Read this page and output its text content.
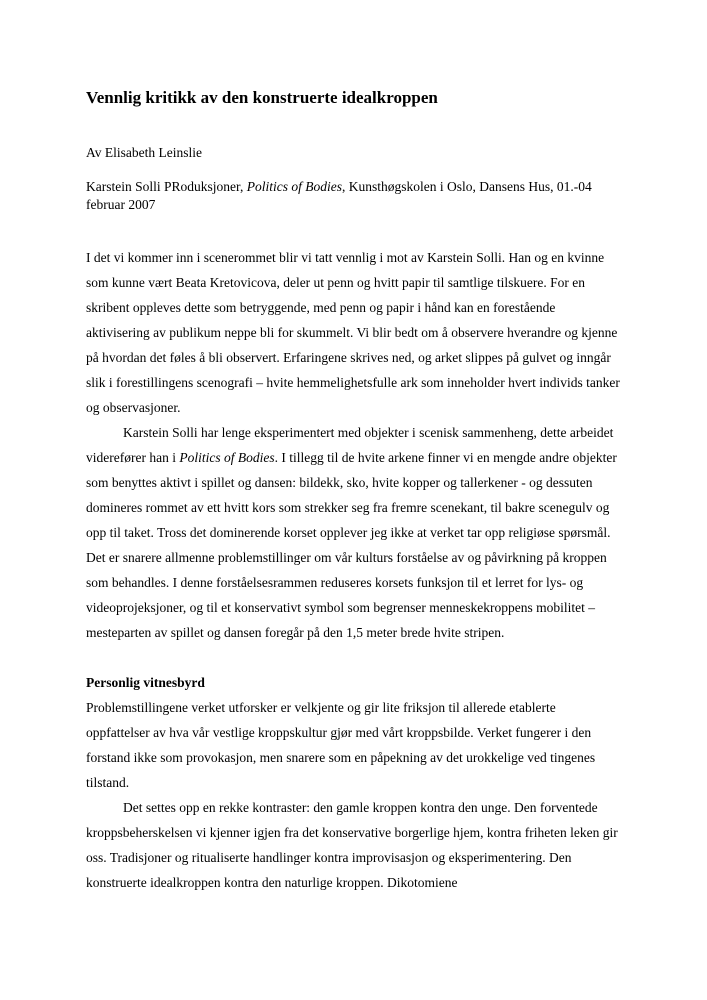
Vennlig kritikk av den konstruerte idealkroppen

Av Elisabeth Leinslie

Karstein Solli PRoduksjoner, Politics of Bodies, Kunsthøgskolen i Oslo, Dansens Hus, 01.-04 februar 2007

I det vi kommer inn i scenerommet blir vi tatt vennlig i mot av Karstein Solli. Han og en kvinne som kunne vært Beata Kretovicova, deler ut penn og hvitt papir til samtlige tilskuere. For en skribent oppleves dette som betryggende, med penn og papir i hånd kan en forestående aktivisering av publikum neppe bli for skummelt. Vi blir bedt om å observere hverandre og kjenne på hvordan det føles å bli observert. Erfaringene skrives ned, og arket slippes på gulvet og inngår slik i forestillingens scenografi – hvite hemmelighetsfulle ark som inneholder hvert individs tanker og observasjoner.

Karstein Solli har lenge eksperimentert med objekter i scenisk sammenheng, dette arbeidet viderefører han i Politics of Bodies. I tillegg til de hvite arkene finner vi en mengde andre objekter som benyttes aktivt i spillet og dansen: bildekk, sko, hvite kopper og tallerkener - og dessuten domineres rommet av ett hvitt kors som strekker seg fra fremre scenekant, til bakre scenegulv og opp til taket. Tross det dominerende korset opplever jeg ikke at verket tar opp religiøse spørsmål. Det er snarere allmenne problemstillinger om vår kulturs forståelse av og påvirkning på kroppen som behandles. I denne forståelsesrammen reduseres korsets funksjon til et lerret for lys- og videoprojeksjoner, og til et konservativt symbol som begrenser menneskekroppens mobilitet – mesteparten av spillet og dansen foregår på den 1,5 meter brede hvite stripen.

Personlig vitnesbyrd

Problemstillingene verket utforsker er velkjente og gir lite friksjon til allerede etablerte oppfattelser av hva vår vestlige kroppskultur gjør med vårt kroppsbilde. Verket fungerer i den forstand ikke som provokasjon, men snarere som en påpekning av det urokkelige ved tingenes tilstand.

Det settes opp en rekke kontraster: den gamle kroppen kontra den unge. Den forventede kroppsbeherskelsen vi kjenner igjen fra det konservative borgerlige hjem, kontra friheten leken gir oss. Tradisjoner og ritualiserte handlinger kontra improvisasjon og eksperimentering. Den konstruerte idealkroppen kontra den naturlige kroppen. Dikotomiene
